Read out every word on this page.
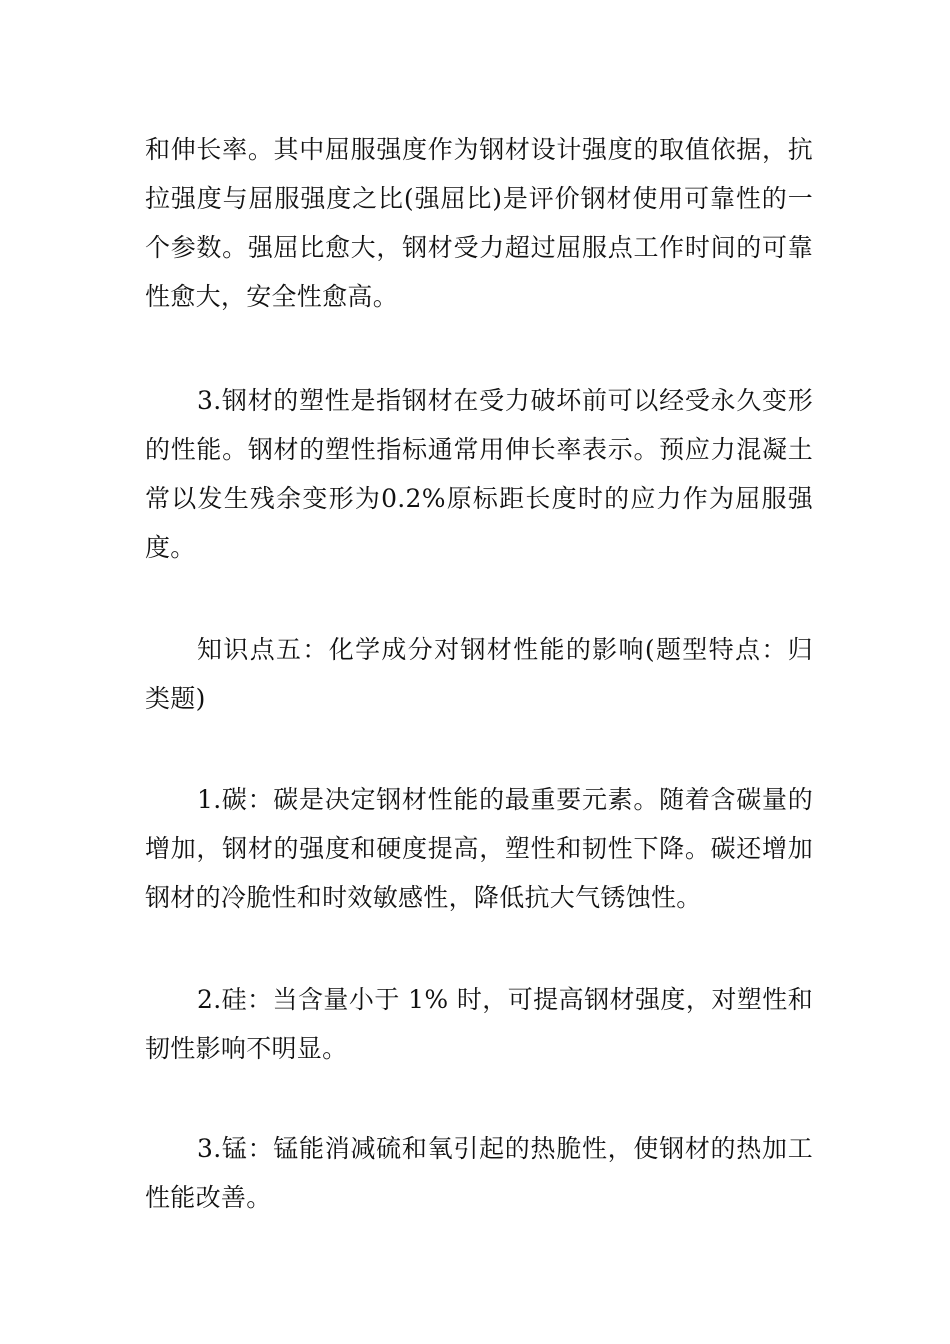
和伸长率。其中屈服强度作为钢材设计强度的取值依据，抗拉强度与屈服强度之比(强屈比)是评价钢材使用可靠性的一个参数。强屈比愈大，钢材受力超过屈服点工作时间的可靠性愈大，安全性愈高。

3.钢材的塑性是指钢材在受力破坏前可以经受永久变形的性能。钢材的塑性指标通常用伸长率表示。预应力混凝土常以发生残余变形为0.2%原标距长度时的应力作为屈服强度。

知识点五：化学成分对钢材性能的影响(题型特点：归类题)

1.碳：碳是决定钢材性能的最重要元素。随着含碳量的增加，钢材的强度和硬度提高，塑性和韧性下降。碳还增加钢材的冷脆性和时效敏感性，降低抗大气锈蚀性。

2.硅：当含量小于 1% 时，可提高钢材强度，对塑性和韧性影响不明显。

3.锰：锰能消减硫和氧引起的热脆性，使钢材的热加工性能改善。
